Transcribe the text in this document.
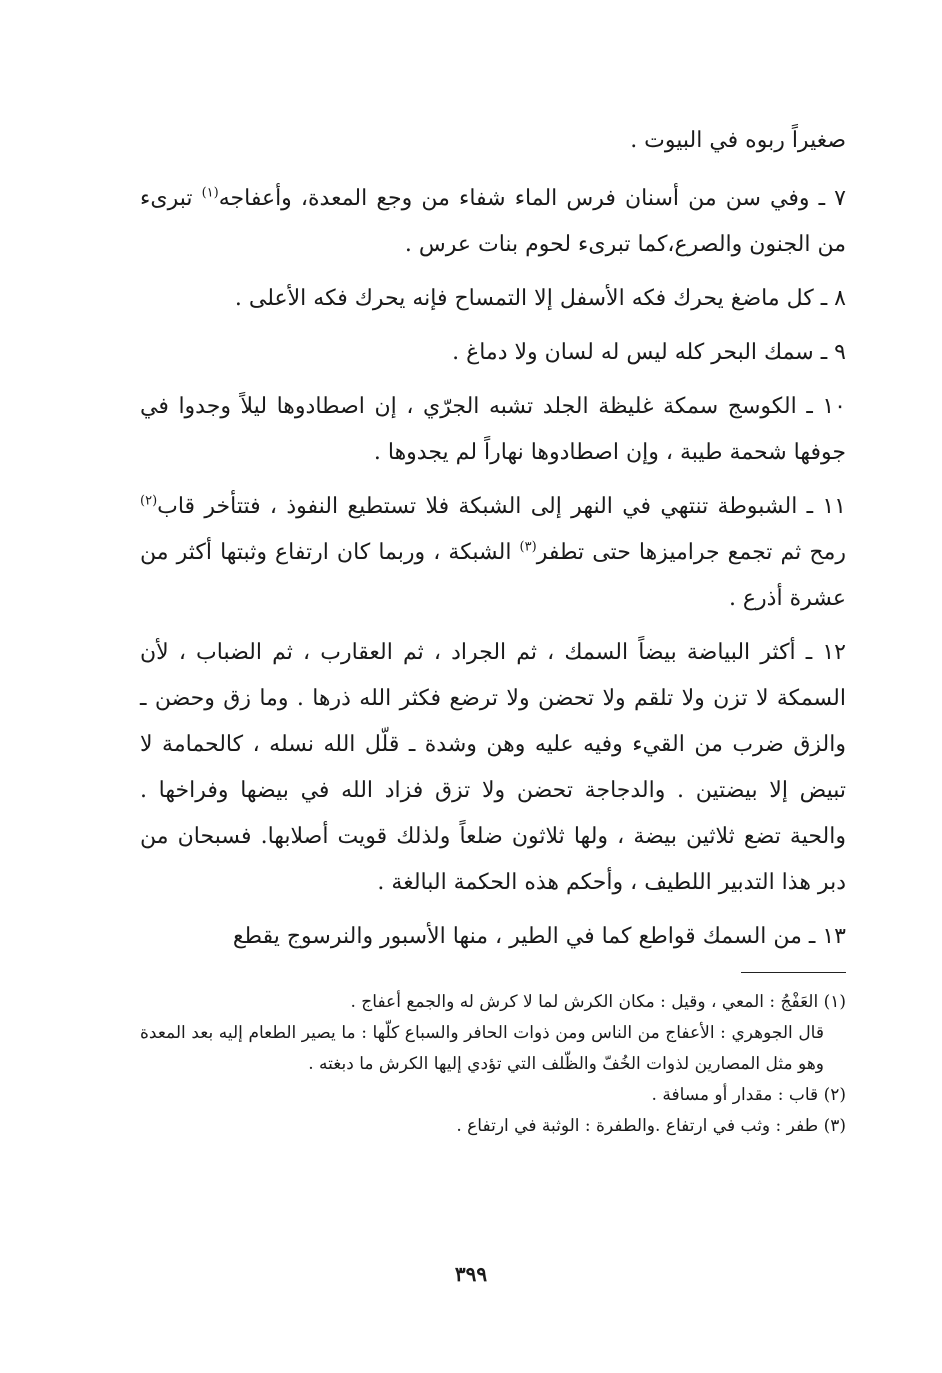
صغيراً ربوه في البيوت .

٧ ـ وفي سن من أسنان فرس الماء شفاء من وجع المعدة، وأعفاجه$^{(١)}$ تبرىء من الجنون والصرع،كما تبرىء لحوم بنات عرس .

٨ ـ كل ماضغ يحرك فكه الأسفل إلا التمساح فإنه يحرك فكه الأعلى .

٩ ـ سمك البحر كله ليس له لسان ولا دماغ .

١٠ ـ الكوسج سمكة غليظة الجلد تشبه الجرّي ، إن اصطادوها ليلاً وجدوا في جوفها شحمة طيبة ، وإن اصطادوها نهاراً لم يجدوها .

١١ ـ الشبوطة تنتهي في النهر إلى الشبكة فلا تستطيع النفوذ ، فتتأخر قاب$^{(٢)}$ رمح ثم تجمع جراميزها حتى تطفر$^{(٣)}$ الشبكة ، وربما كان ارتفاع وثبتها أكثر من عشرة أذرع .

١٢ ـ أكثر البياضة بيضاً السمك ، ثم الجراد ، ثم العقارب ، ثم الضباب ، لأن السمكة لا تزن ولا تلقم ولا تحضن ولا ترضع فكثر الله ذرها . وما زق وحضن ـ والزق ضرب من القيء وفيه عليه وهن وشدة ـ قلّل الله نسله ، كالحمامة لا تبيض إلا بيضتين . والدجاجة تحضن ولا تزق فزاد الله في بيضها وفراخها . والحية تضع ثلاثين بيضة ، ولها ثلاثون ضلعاً ولذلك قويت أصلابها. فسبحان من دبر هذا التدبير اللطيف ، وأحكم هذه الحكمة البالغة .

١٣ ـ من السمك قواطع كما في الطير ، منها الأسبور والنرسوج يقطع

(١) العَفْجُ : المعي ، وقيل : مكان الكرش لما لا كرش له والجمع أعفاج .

قال الجوهري : الأعفاج من الناس ومن ذوات الحافر والسباع كلّها : ما يصير الطعام إليه بعد المعدة وهو مثل المصارين لذوات الخُفّ والظّلف التي تؤدي إليها الكرش ما دبغته .

(٢) قاب : مقدار أو مسافة .

(٣) طفر : وثب في ارتفاع .والطفرة : الوثبة في ارتفاع .

٣٩٩
